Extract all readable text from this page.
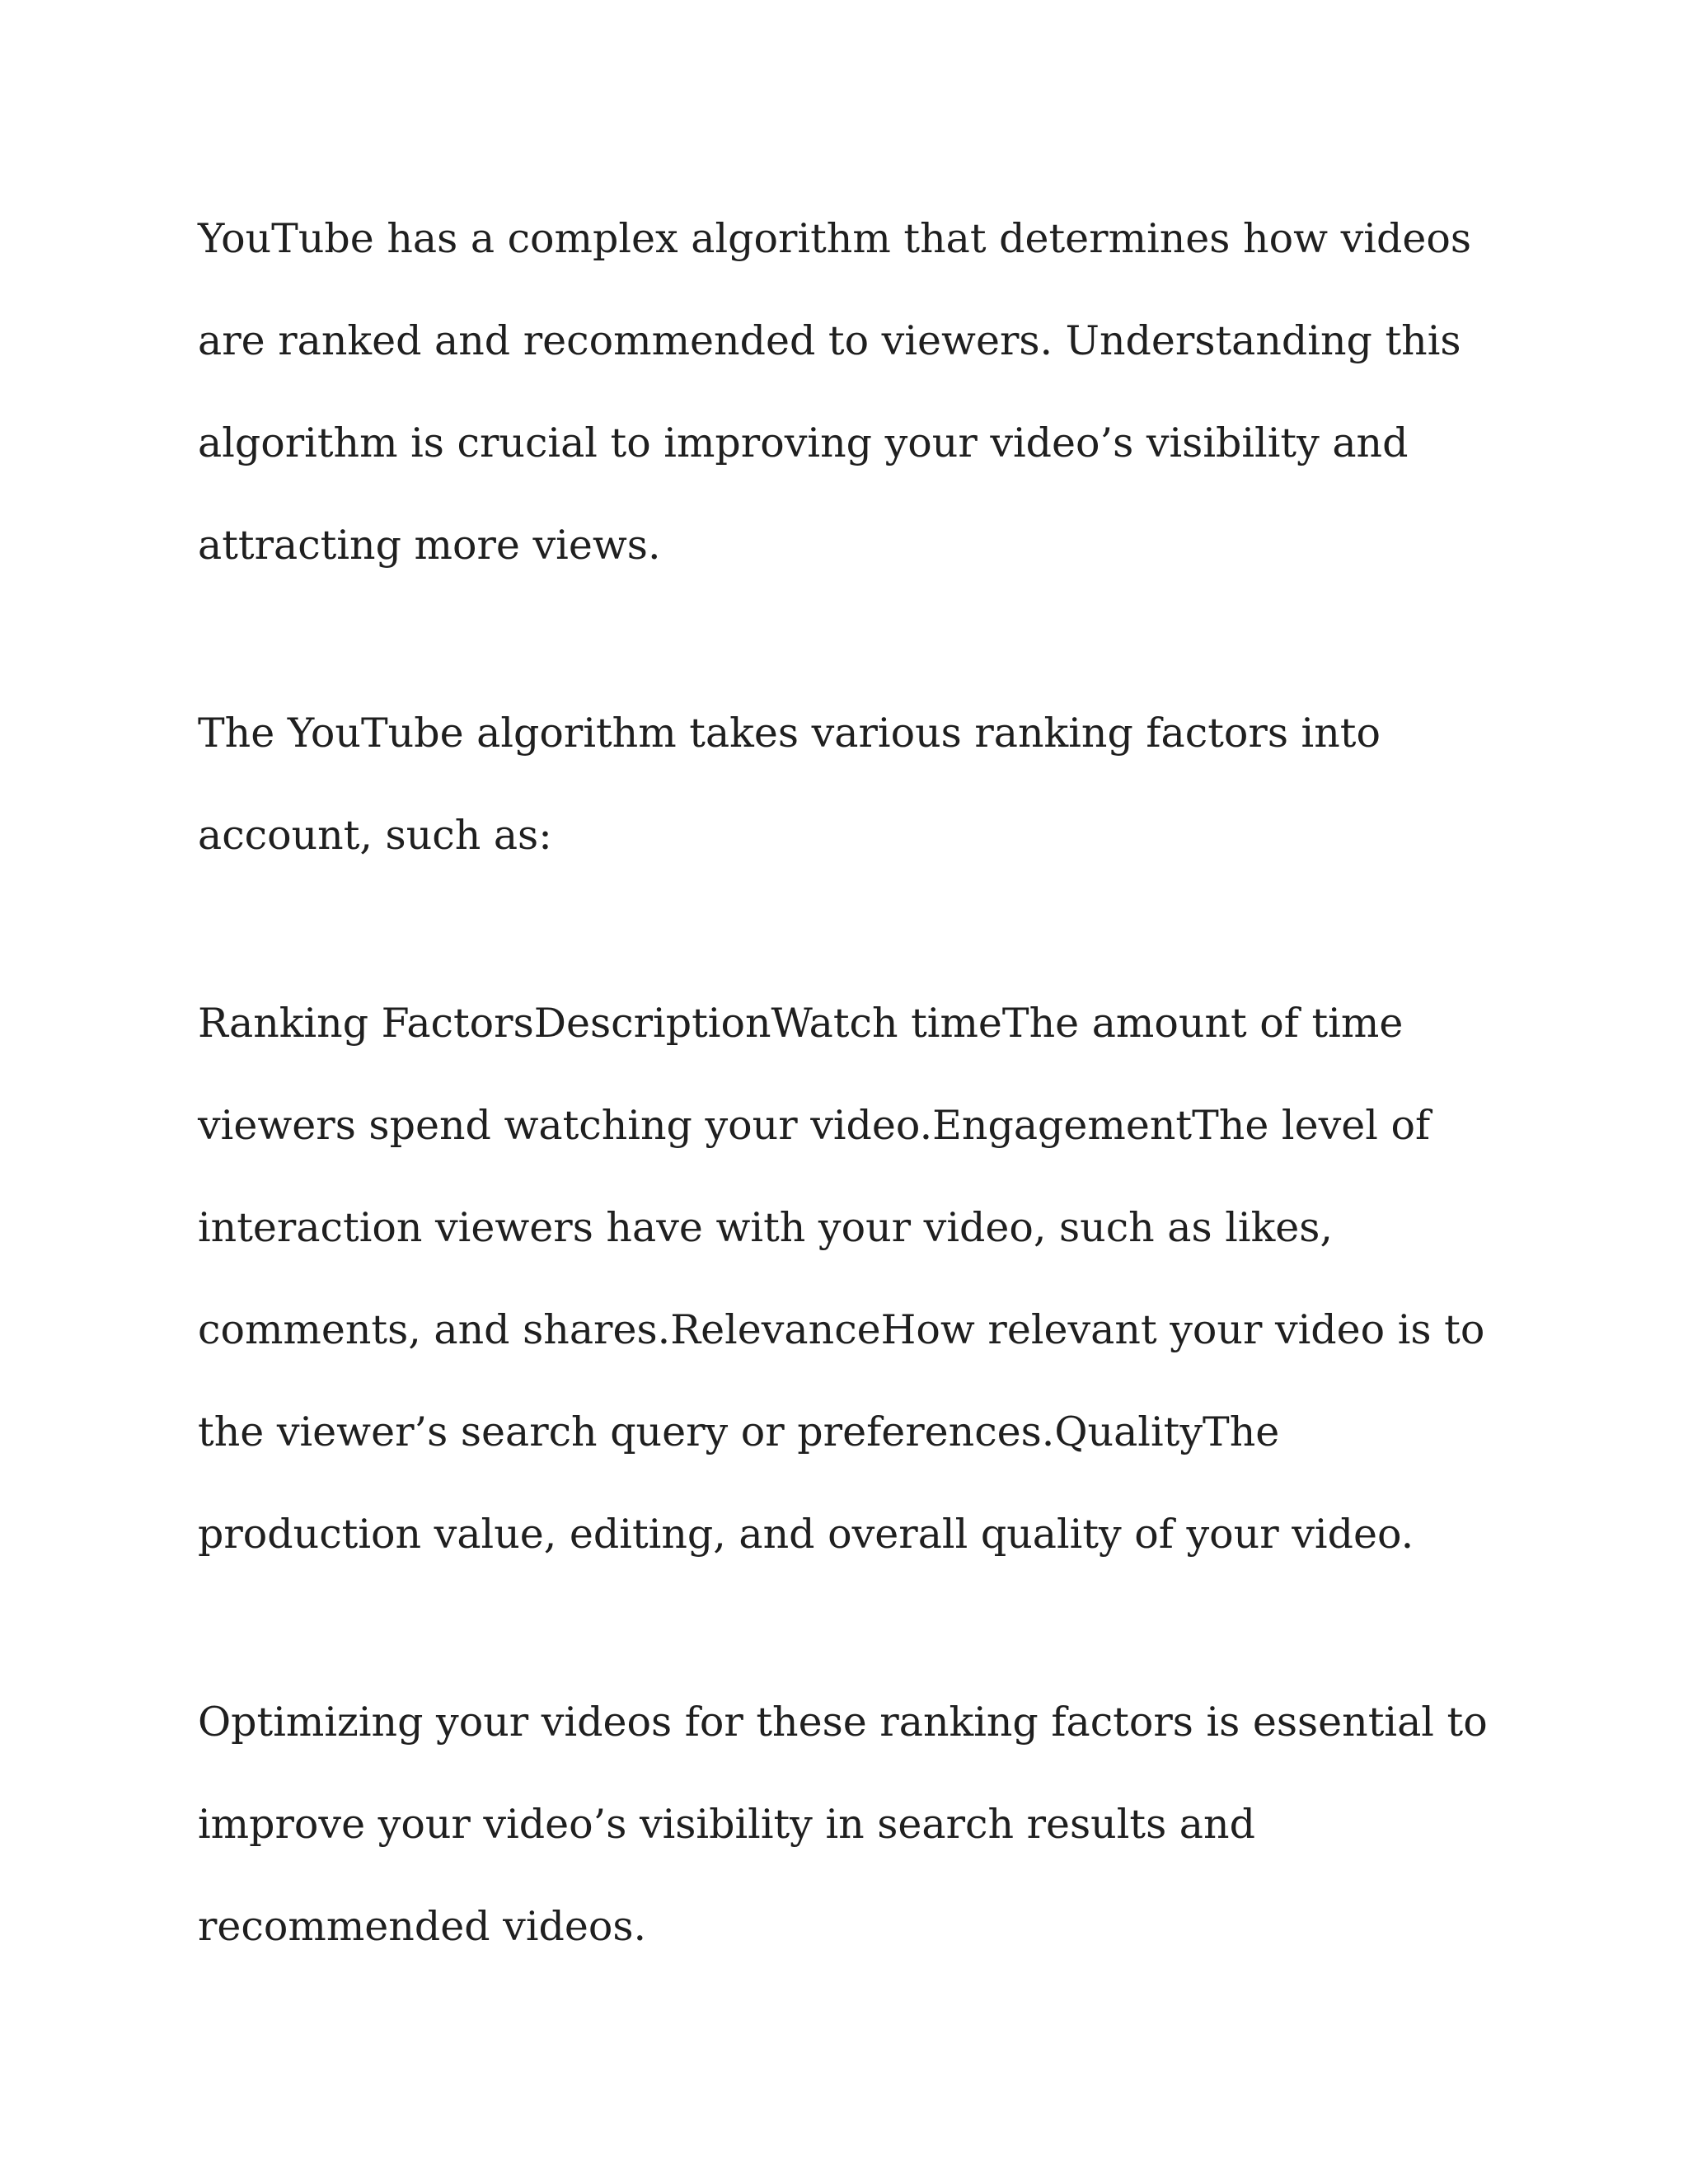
YouTube has a complex algorithm that determines how videos are ranked and recommended to viewers. Understanding this algorithm is crucial to improving your video’s visibility and attracting more views.

The YouTube algorithm takes various ranking factors into account, such as:

Ranking FactorsDescriptionWatch timeThe amount of time viewers spend watching your video.EngagementThe level of interaction viewers have with your video, such as likes, comments, and shares.RelevanceHow relevant your video is to the viewer’s search query or preferences.QualityThe production value, editing, and overall quality of your video.

Optimizing your videos for these ranking factors is essential to improve your video’s visibility in search results and recommended videos.
